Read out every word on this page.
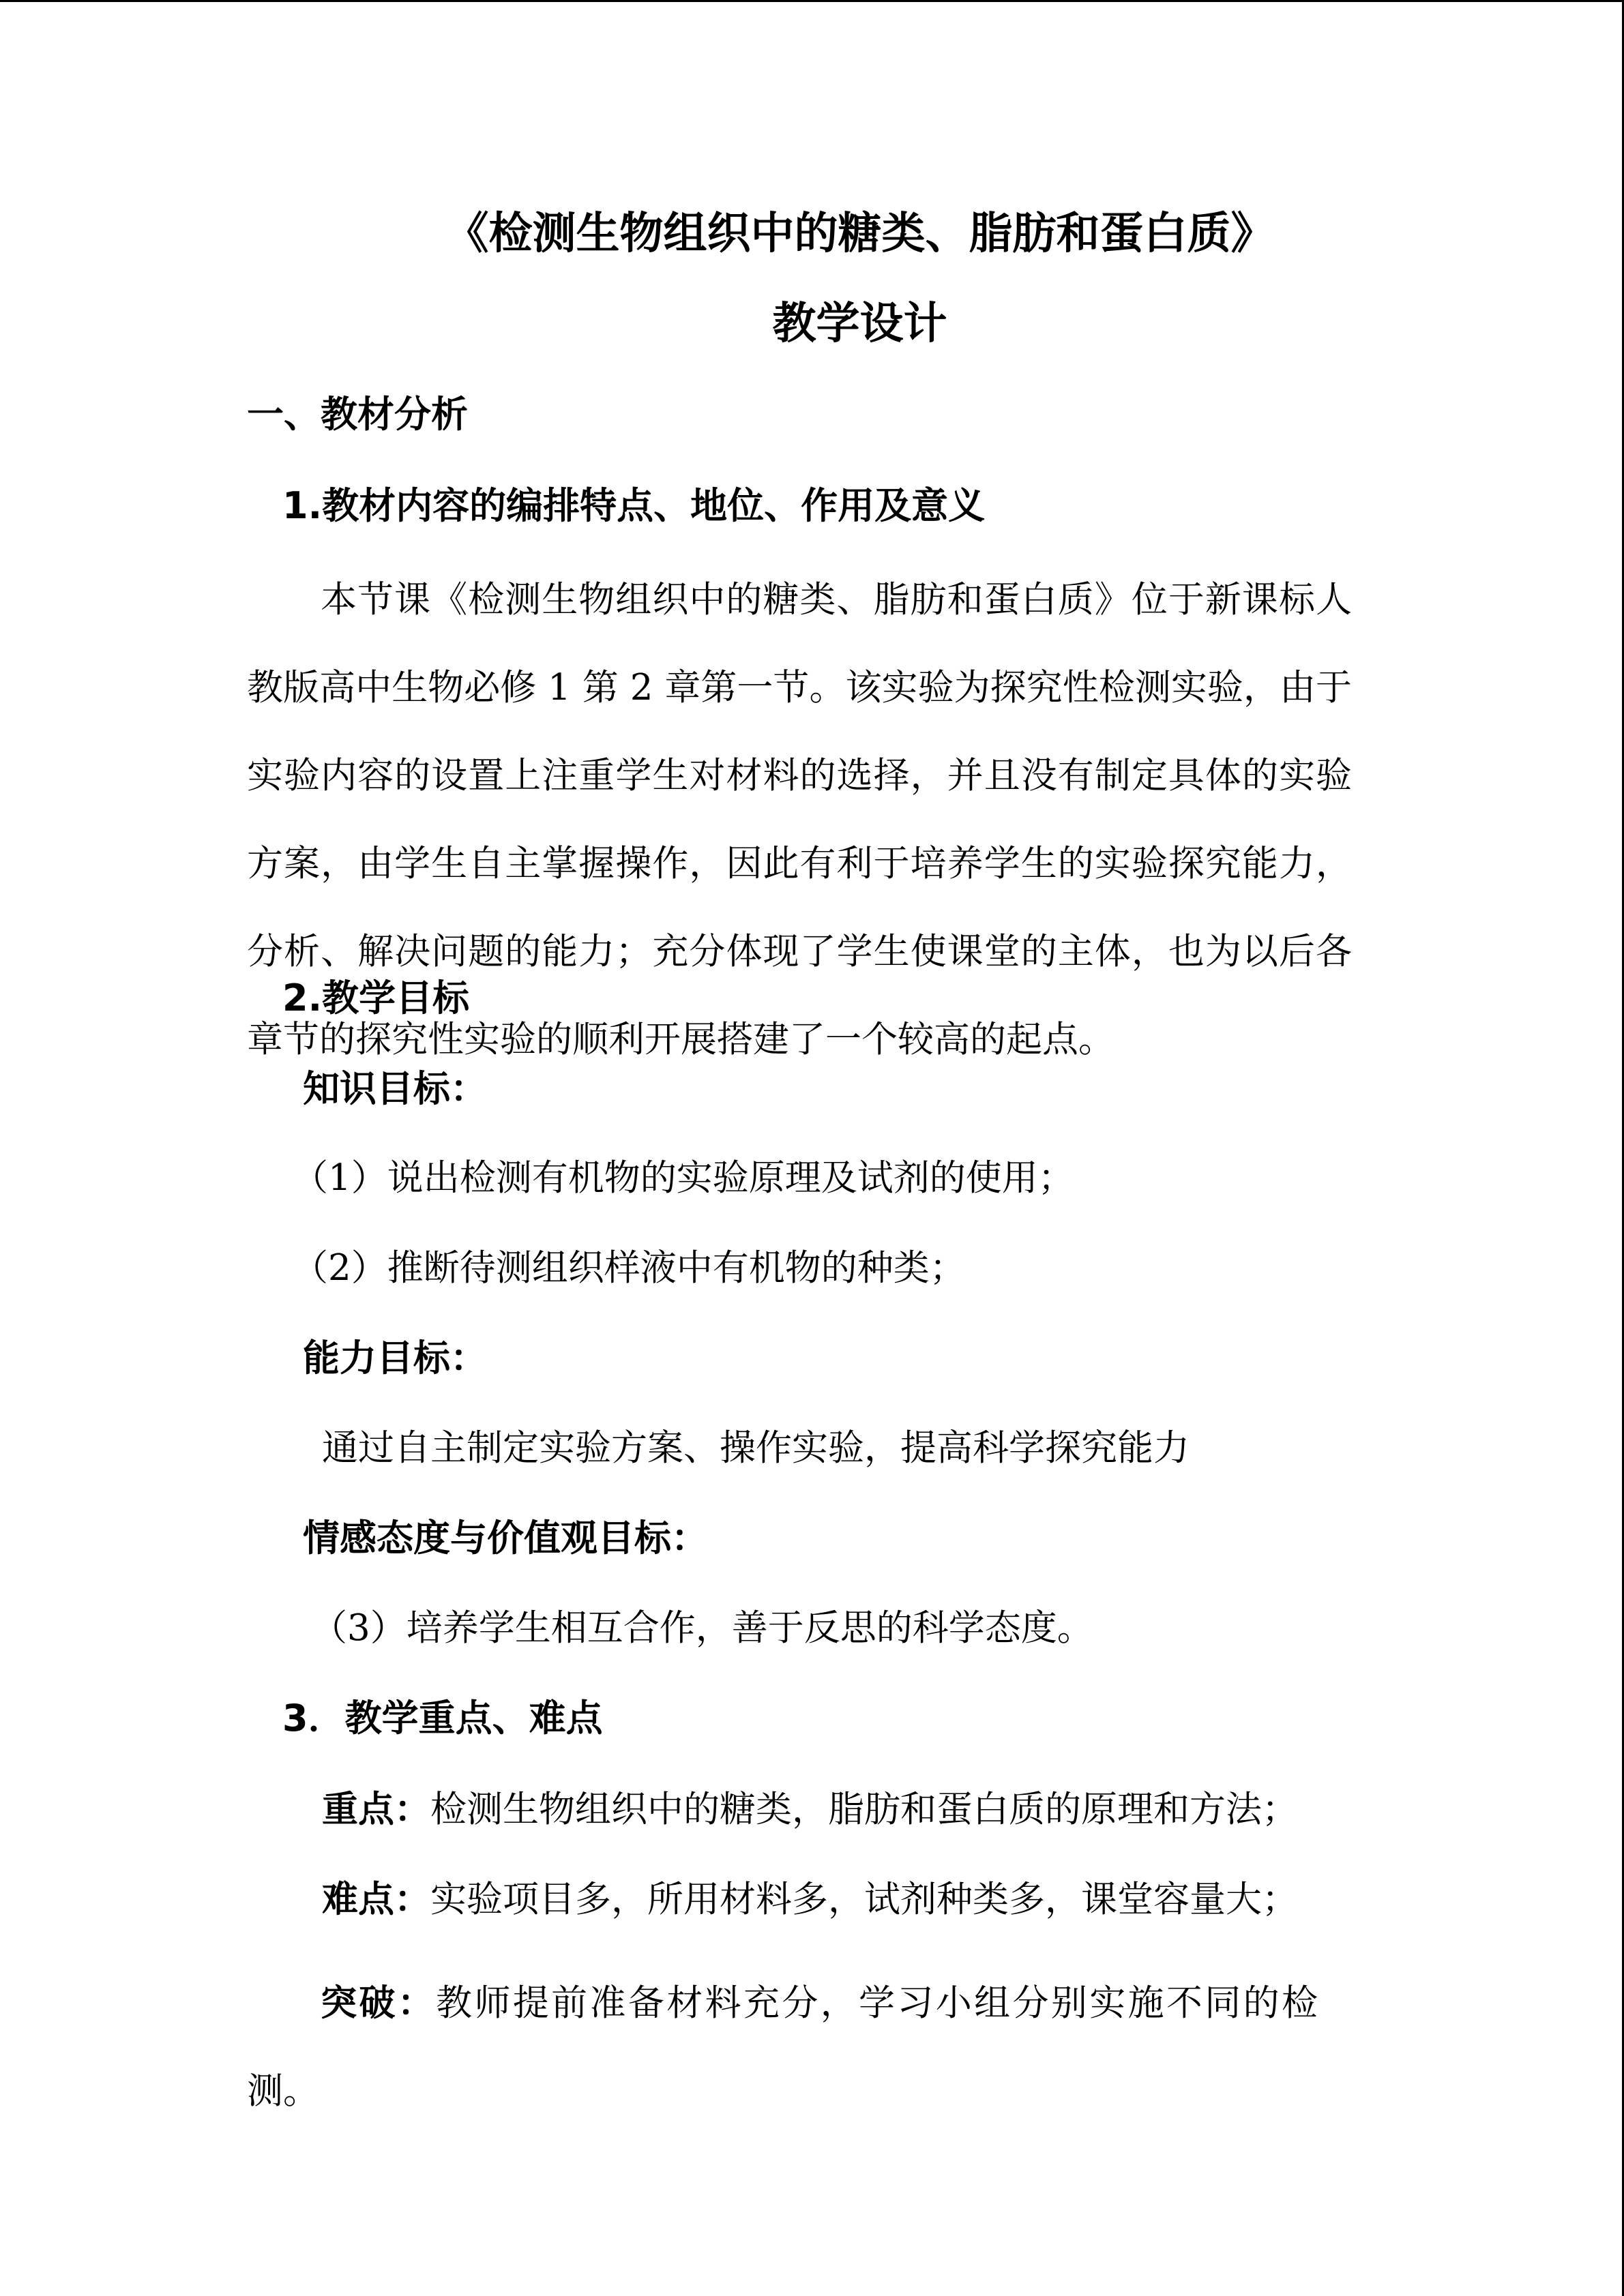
《检测生物组织中的糖类、脂肪和蛋白质》
教学设计
一、教材分析
1.教材内容的编排特点、地位、作用及意义
本节课《检测生物组织中的糖类、脂肪和蛋白质》位于新课标人教版高中生物必修 1 第 2 章第一节。该实验为探究性检测实验，由于实验内容的设置上注重学生对材料的选择，并且没有制定具体的实验方案，由学生自主掌握操作，因此有利于培养学生的实验探究能力，分析、解决问题的能力；充分体现了学生使课堂的主体，也为以后各章节的探究性实验的顺利开展搭建了一个较高的起点。
2.教学目标
知识目标：
（1）说出检测有机物的实验原理及试剂的使用；
（2）推断待测组织样液中有机物的种类；
能力目标：
通过自主制定实验方案、操作实验，提高科学探究能力
情感态度与价值观目标：
（3）培养学生相互合作，善于反思的科学态度。
3．教学重点、难点
重点：检测生物组织中的糖类，脂肪和蛋白质的原理和方法；
难点：实验项目多，所用材料多，试剂种类多，课堂容量大；
突破：教师提前准备材料充分，学习小组分别实施不同的检测。
